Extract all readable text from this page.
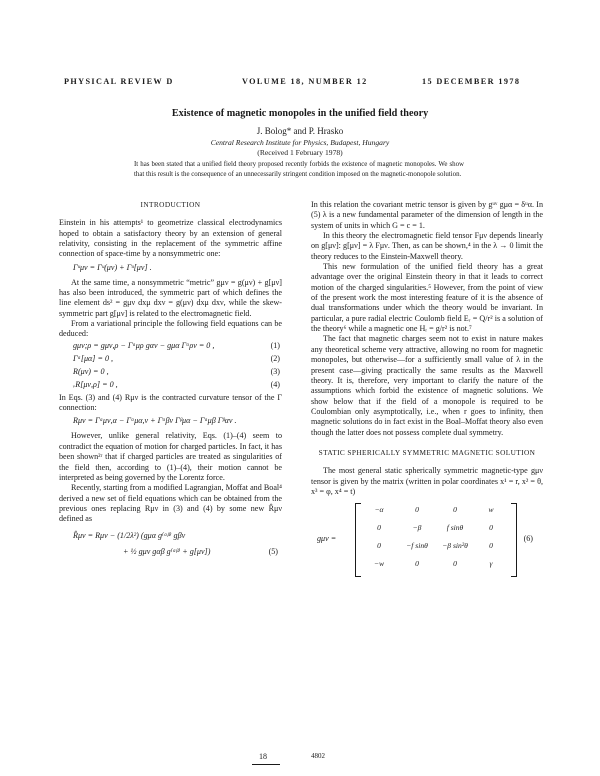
PHYSICAL REVIEW D	VOLUME 18, NUMBER 12	15 DECEMBER 1978
Existence of magnetic monopoles in the unified field theory
J. Bolog* and P. Hrasko
Central Research Institute for Physics, Budapest, Hungary
(Received 1 February 1978)
It has been stated that a unified field theory proposed recently forbids the existence of magnetic monopoles. We show that this result is the consequence of an unnecessarily stringent condition imposed on the magnetic-monopole solution.
INTRODUCTION

Einstein in his attempts¹ to geometrize classical electrodynamics hoped to obtain a satisfactory theory by an extension of general relativity, consisting in the replacement of the symmetric affine connection of space-time by a nonsymmetric one:

Γᵘμν = Γᵘ(μν) + Γᵘ[μν] .

At the same time, a nonsymmetric “metric” gμν = g(μν) + g[μν] has also been introduced, the symmetric part of which defines the line element ds² = gμν dxμ dxν = g(μν) dxμ dxν, while the skew-symmetric part g[μν] is related to the electromagnetic field.

From a variational principle the following field equations can be deduced:

gμν;ρ = gμν,ρ − Γᵅμρ gαν − gμα Γᵅρν = 0 ,	(1)
Γᵅ[μα] = 0 ,	(2)
R(μν) = 0 ,	(3)
ᵥR[μν,ρ] = 0 ,	(4)

In Eqs. (3) and (4) Rμν is the contracted curvature tensor of the Γ connection:

Rμν = Γᵅμν,α − Γᵅμα,ν + Γᵅβν Γᵝμα − Γᵅμβ Γᵝαν .

However, unlike general relativity, Eqs. (1)–(4) seem to contradict the equation of motion for charged particles. In fact, it has been shown²ʳ that if charged particles are treated as singularities of the field then, according to (1)–(4), their motion cannot be interpreted as being governed by the Lorentz force.

Recently, starting from a modified Lagrangian, Moffat and Boal⁴ derived a new set of field equations which can be obtained from the previous ones replacing Rμν in (3) and (4) by some new R̂μν defined as

R̂μν = Rμν − (1/2λ²) (gμα g⁽ᵅᵝ⁾ gβν
+ ½ gμν gαβ g⁽ᵅᵝ⁾ + g[μν])	(5)

In this relation the covariant metric tensor is given by gᵘᵛ gμα = δᵘα. In (5) λ is a new fundamental parameter of the dimension of length in the system of units in which G = c = 1.

In this theory the electromagnetic field tensor Fμν depends linearly on g[μν]: g[μν] = λ Fμν. Then, as can be shown,⁴ in the λ → 0 limit the theory reduces to the Einstein-Maxwell theory.

This new formulation of the unified field theory has a great advantage over the original Einstein theory in that it leads to correct motion of the charged singularities.⁵ However, from the point of view of the present work the most interesting feature of it is the absence of dual transformations under which the theory would be invariant. In particular, a pure radial electric Coulomb field Eᵣ = Q/r² is a solution of the theory⁶ while a magnetic one Hᵣ = g/r² is not.⁷

The fact that magnetic charges seem not to exist in nature makes any theoretical scheme very attractive, allowing no room for magnetic monopoles, but otherwise—for a sufficiently small value of λ in the present case—giving practically the same results as the Maxwell theory. It is, therefore, very important to clarify the nature of the assumptions which forbid the existence of magnetic solutions. We show below that if the field of a monopole is required to be Coulombian only asymptotically, i.e., when r goes to infinity, then magnetic solutions do in fact exist in the Boal–Moffat theory also even though the latter does not possess complete dual symmetry.

STATIC SPHERICALLY SYMMETRIC MAGNETIC SOLUTION

The most general static spherically symmetric magnetic-type gμν tensor is given by the matrix (written in polar coordinates x¹ = r, x² = θ, x³ = φ, x⁴ = t)

gμν =
−α	0	0	w
0	−β	f sinθ	0
0	−f sinθ	−β sin²θ	0
−w	0	0	γ
(6)
18	4802
